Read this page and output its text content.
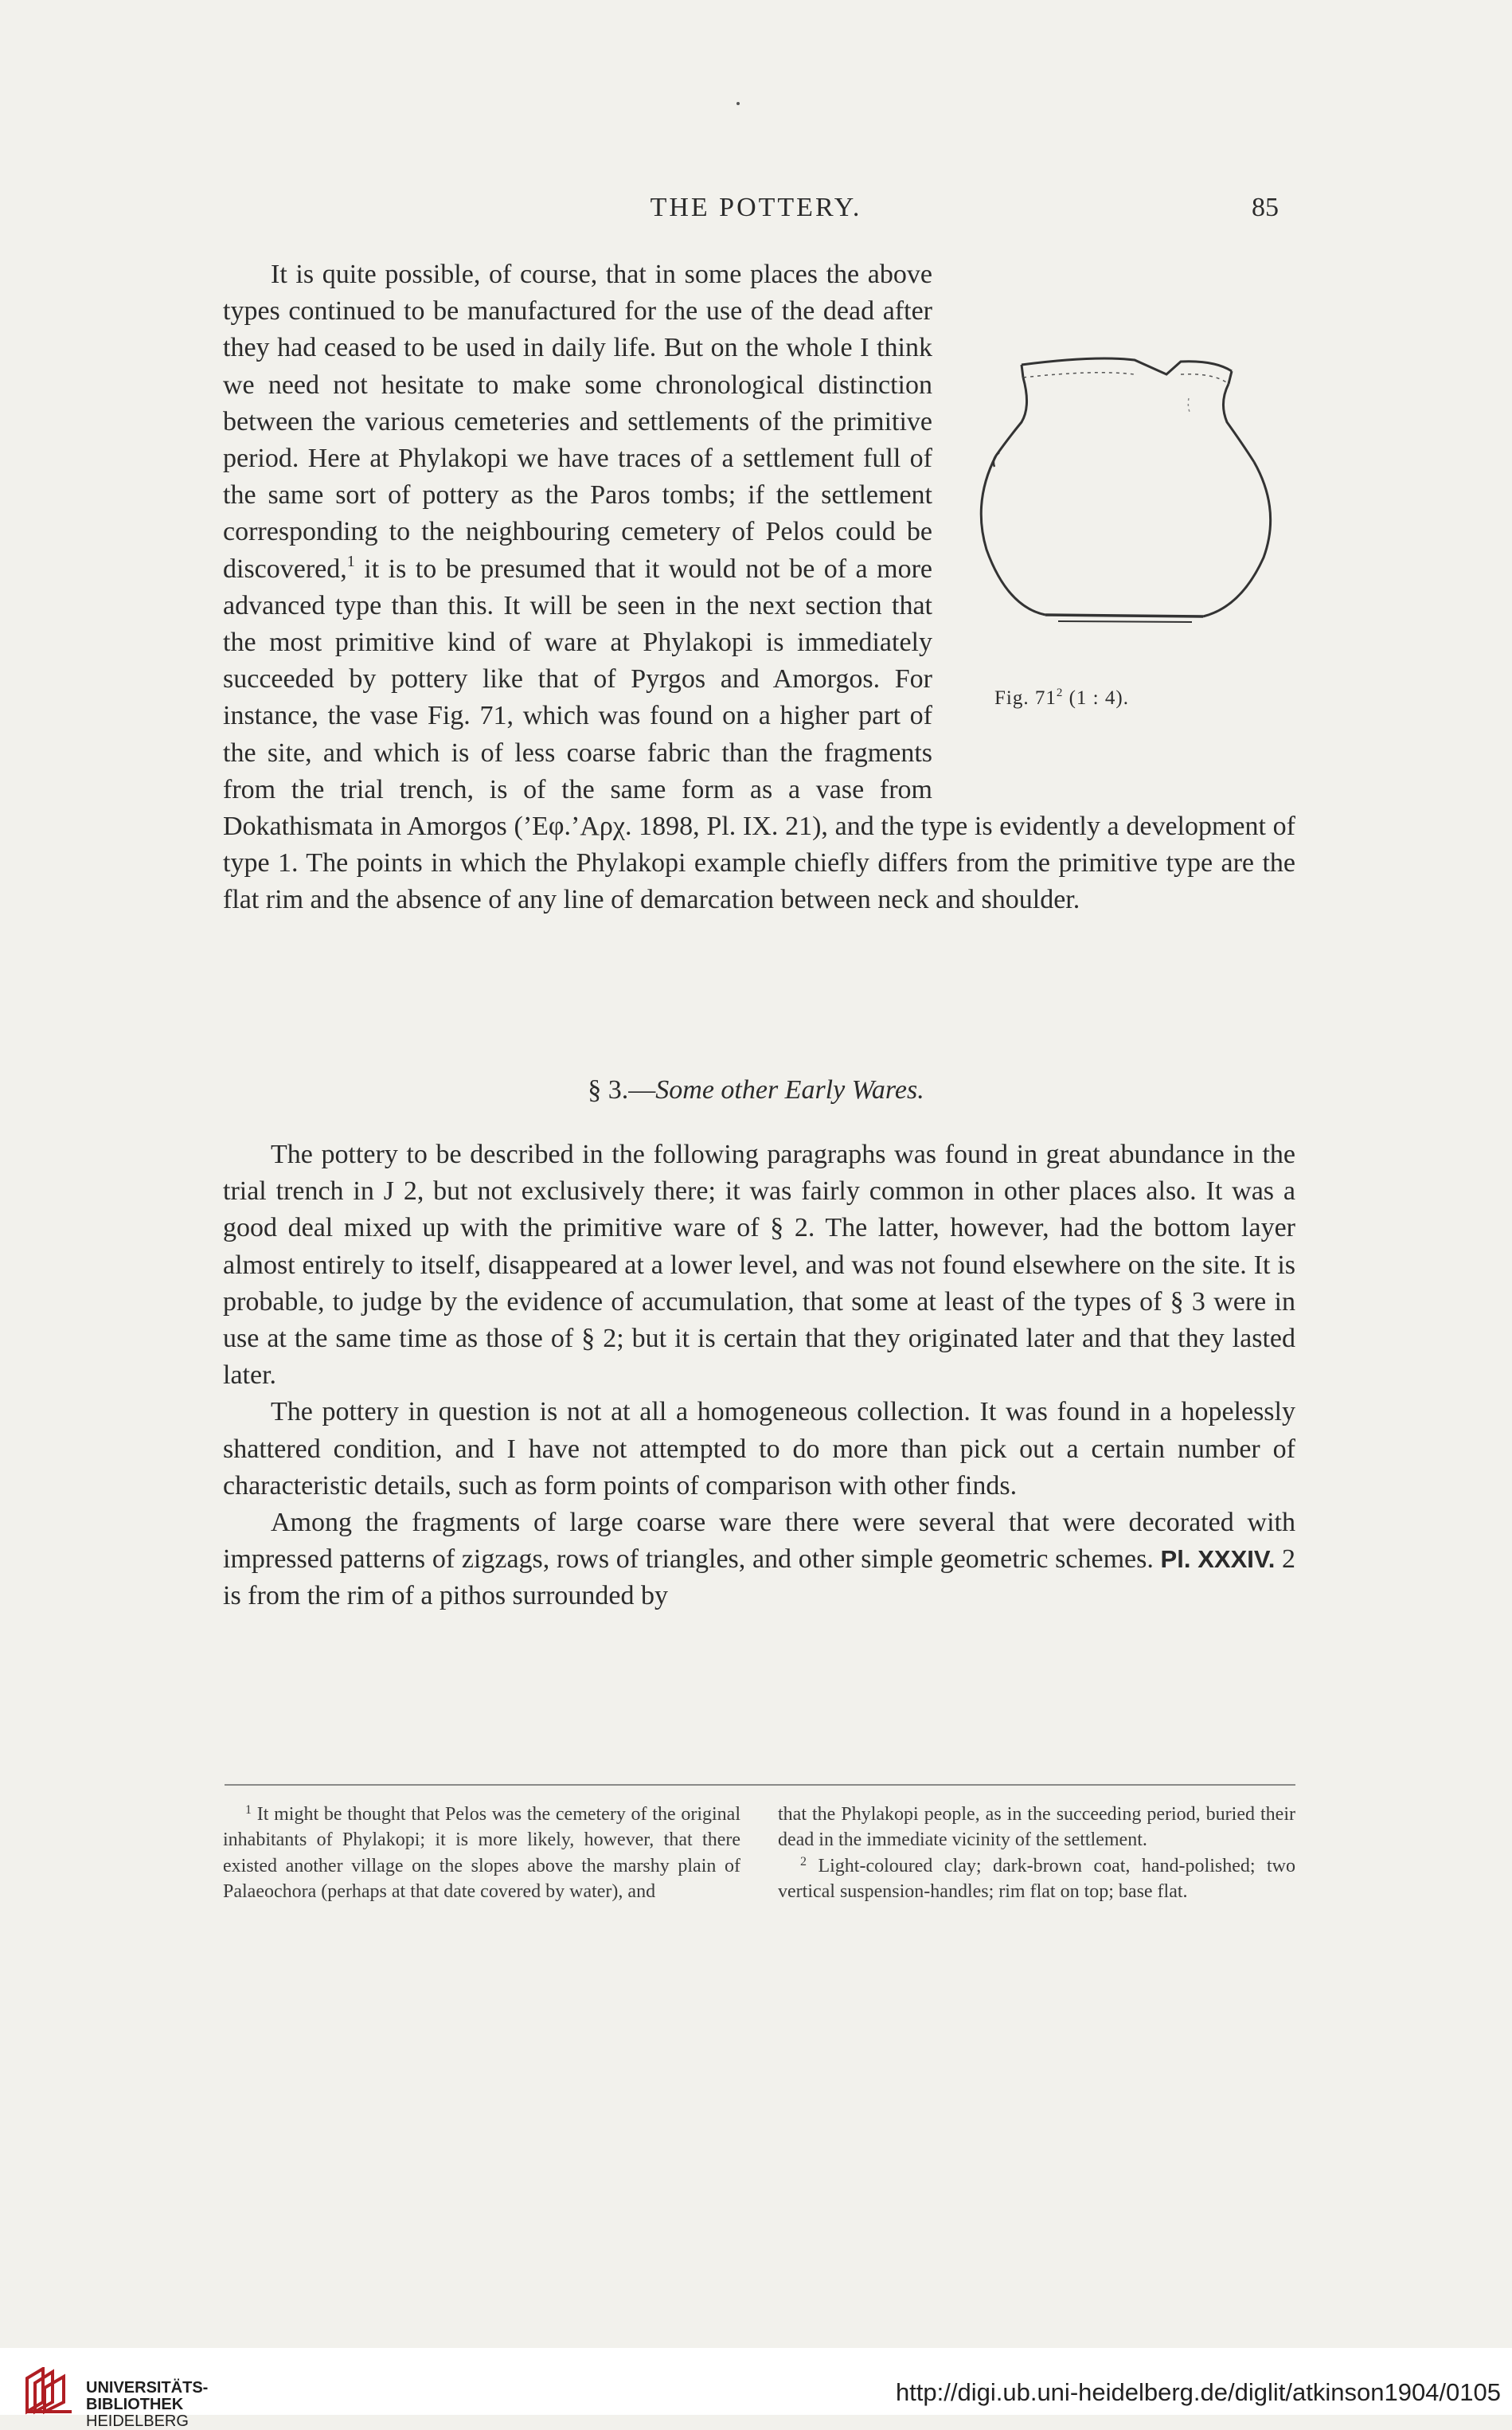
THE POTTERY.	85
Fig. $71^2$ (1 : 4).

It is quite possible, of course, that in some places the above types continued to be manufactured for the use of the dead after they had ceased to be used in daily life. But on the whole I think we need not hesitate to make some chronological distinction between the various cemeteries and settlements of the primitive period. Here at Phylakopi we have traces of a settlement full of the same sort of pottery as the Paros tombs; if the settlement corresponding to the neighbouring cemetery of Pelos could be discovered,$^1$ it is to be presumed that it would not be of a more advanced type than this. It will be seen in the next section that the most primitive kind of ware at Phylakopi is immediately succeeded by pottery like that of Pyrgos and Amorgos. For instance, the vase Fig. 71, which was found on a higher part of the site, and which is of less coarse fabric than the fragments from the trial trench, is of the same form as a vase from Dokathismata in Amorgos (’Εφ.’Αρχ. 1898, Pl. IX. 21), and the type is evidently a development of type 1. The points in which the Phylakopi example chiefly differs from the primitive type are the flat rim and the absence of any line of demarcation between neck and shoulder.

§ 3.—Some other Early Wares.

The pottery to be described in the following paragraphs was found in great abundance in the trial trench in J 2, but not exclusively there; it was fairly common in other places also. It was a good deal mixed up with the primitive ware of § 2. The latter, however, had the bottom layer almost entirely to itself, disappeared at a lower level, and was not found elsewhere on the site. It is probable, to judge by the evidence of accumulation, that some at least of the types of § 3 were in use at the same time as those of § 2; but it is certain that they originated later and that they lasted later.

The pottery in question is not at all a homogeneous collection. It was found in a hopelessly shattered condition, and I have not attempted to do more than pick out a certain number of characteristic details, such as form points of comparison with other finds.

Among the fragments of large coarse ware there were several that were decorated with impressed patterns of zigzags, rows of triangles, and other simple geometric schemes. Pl. XXXIV. 2 is from the rim of a pithos surrounded by

$^1$ It might be thought that Pelos was the cemetery of the original inhabitants of Phylakopi; it is more likely, however, that there existed another village on the slopes above the marshy plain of Palaeochora (perhaps at that date covered by water), and

that the Phylakopi people, as in the succeeding period, buried their dead in the immediate vicinity of the settlement.

$^2$ Light-coloured clay; dark-brown coat, hand-polished; two vertical suspension-handles; rim flat on top; base flat.

UNIVERSITÄTS-
BIBLIOTHEK
HEIDELBERG
http://digi.ub.uni-heidelberg.de/diglit/atkinson1904/0105
